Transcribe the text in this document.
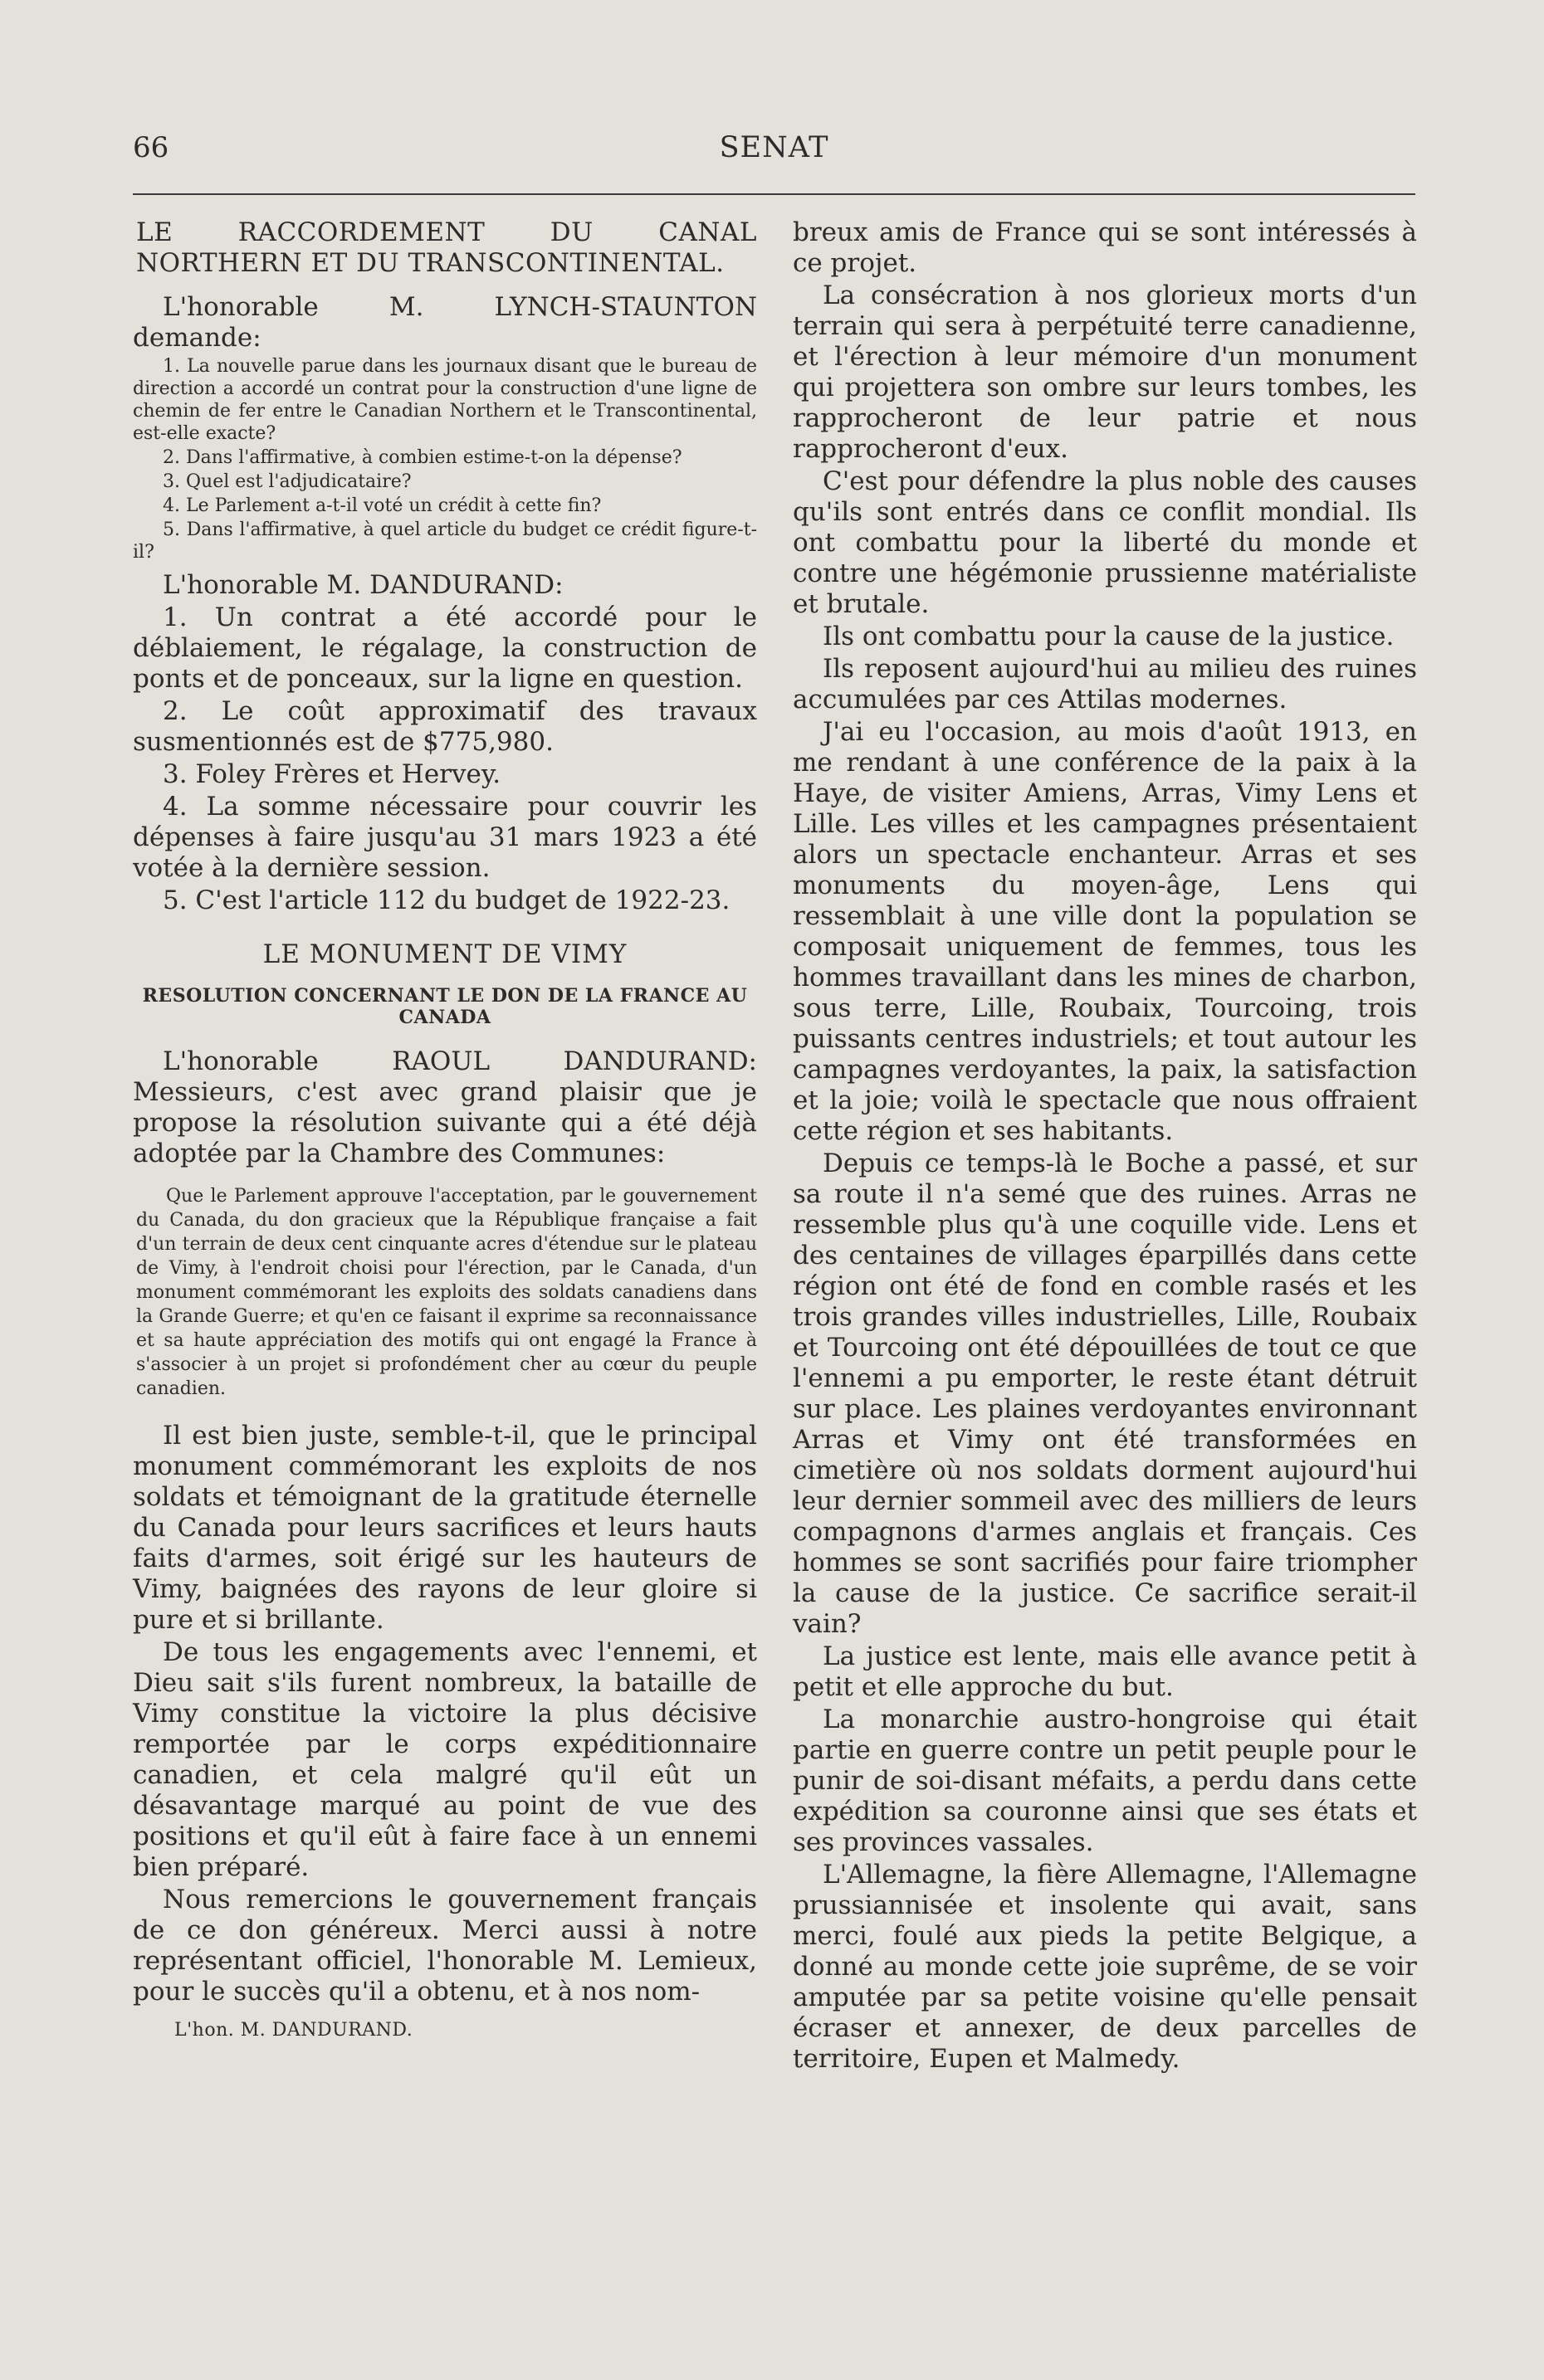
66	SENAT

LE RACCORDEMENT DU CANAL NORTHERN ET DU TRANSCONTINENTAL.

L'honorable M. LYNCH-STAUNTON demande:

1. La nouvelle parue dans les journaux disant que le bureau de direction a accordé un contrat pour la construction d'une ligne de chemin de fer entre le Canadian Northern et le Transcontinental, est-elle exacte?

2. Dans l'affirmative, à combien estime-t-on la dépense?

3. Quel est l'adjudicataire?

4. Le Parlement a-t-il voté un crédit à cette fin?

5. Dans l'affirmative, à quel article du budget ce crédit figure-t-il?

L'honorable M. DANDURAND:

1. Un contrat a été accordé pour le déblaiement, le régalage, la construction de ponts et de ponceaux, sur la ligne en question.

2. Le coût approximatif des travaux susmentionnés est de $775,980.

3. Foley Frères et Hervey.

4. La somme nécessaire pour couvrir les dépenses à faire jusqu'au 31 mars 1923 a été votée à la dernière session.

5. C'est l'article 112 du budget de 1922-23.

LE MONUMENT DE VIMY

RESOLUTION CONCERNANT LE DON DE LA FRANCE AU CANADA

L'honorable RAOUL DANDURAND: Messieurs, c'est avec grand plaisir que je propose la résolution suivante qui a été déjà adoptée par la Chambre des Communes:

Que le Parlement approuve l'acceptation, par le gouvernement du Canada, du don gracieux que la République française a fait d'un terrain de deux cent cinquante acres d'étendue sur le plateau de Vimy, à l'endroit choisi pour l'érection, par le Canada, d'un monument commémorant les exploits des soldats canadiens dans la Grande Guerre; et qu'en ce faisant il exprime sa reconnaissance et sa haute appréciation des motifs qui ont engagé la France à s'associer à un projet si profondément cher au cœur du peuple canadien.

Il est bien juste, semble-t-il, que le principal monument commémorant les exploits de nos soldats et témoignant de la gratitude éternelle du Canada pour leurs sacrifices et leurs hauts faits d'armes, soit érigé sur les hauteurs de Vimy, baignées des rayons de leur gloire si pure et si brillante.

De tous les engagements avec l'ennemi, et Dieu sait s'ils furent nombreux, la bataille de Vimy constitue la victoire la plus décisive remportée par le corps expéditionnaire canadien, et cela malgré qu'il eût un désavantage marqué au point de vue des positions et qu'il eût à faire face à un ennemi bien préparé.

Nous remercions le gouvernement français de ce don généreux. Merci aussi à notre représentant officiel, l'honorable M. Lemieux, pour le succès qu'il a obtenu, et à nos nom-

L'hon. M. DANDURAND.

breux amis de France qui se sont intéressés à ce projet.

La consécration à nos glorieux morts d'un terrain qui sera à perpétuité terre canadienne, et l'érection à leur mémoire d'un monument qui projettera son ombre sur leurs tombes, les rapprocheront de leur patrie et nous rapprocheront d'eux.

C'est pour défendre la plus noble des causes qu'ils sont entrés dans ce conflit mondial. Ils ont combattu pour la liberté du monde et contre une hégémonie prussienne matérialiste et brutale.

Ils ont combattu pour la cause de la justice.

Ils reposent aujourd'hui au milieu des ruines accumulées par ces Attilas modernes.

J'ai eu l'occasion, au mois d'août 1913, en me rendant à une conférence de la paix à la Haye, de visiter Amiens, Arras, Vimy Lens et Lille. Les villes et les campagnes présentaient alors un spectacle enchanteur. Arras et ses monuments du moyen-âge, Lens qui ressemblait à une ville dont la population se composait uniquement de femmes, tous les hommes travaillant dans les mines de charbon, sous terre, Lille, Roubaix, Tourcoing, trois puissants centres industriels; et tout autour les campagnes verdoyantes, la paix, la satisfaction et la joie; voilà le spectacle que nous offraient cette région et ses habitants.

Depuis ce temps-là le Boche a passé, et sur sa route il n'a semé que des ruines. Arras ne ressemble plus qu'à une coquille vide. Lens et des centaines de villages éparpillés dans cette région ont été de fond en comble rasés et les trois grandes villes industrielles, Lille, Roubaix et Tourcoing ont été dépouillées de tout ce que l'ennemi a pu emporter, le reste étant détruit sur place. Les plaines verdoyantes environnant Arras et Vimy ont été transformées en cimetière où nos soldats dorment aujourd'hui leur dernier sommeil avec des milliers de leurs compagnons d'armes anglais et français. Ces hommes se sont sacrifiés pour faire triompher la cause de la justice. Ce sacrifice serait-il vain?

La justice est lente, mais elle avance petit à petit et elle approche du but.

La monarchie austro-hongroise qui était partie en guerre contre un petit peuple pour le punir de soi-disant méfaits, a perdu dans cette expédition sa couronne ainsi que ses états et ses provinces vassales.

L'Allemagne, la fière Allemagne, l'Allemagne prussiannisée et insolente qui avait, sans merci, foulé aux pieds la petite Belgique, a donné au monde cette joie suprême, de se voir amputée par sa petite voisine qu'elle pensait écraser et annexer, de deux parcelles de territoire, Eupen et Malmedy.
